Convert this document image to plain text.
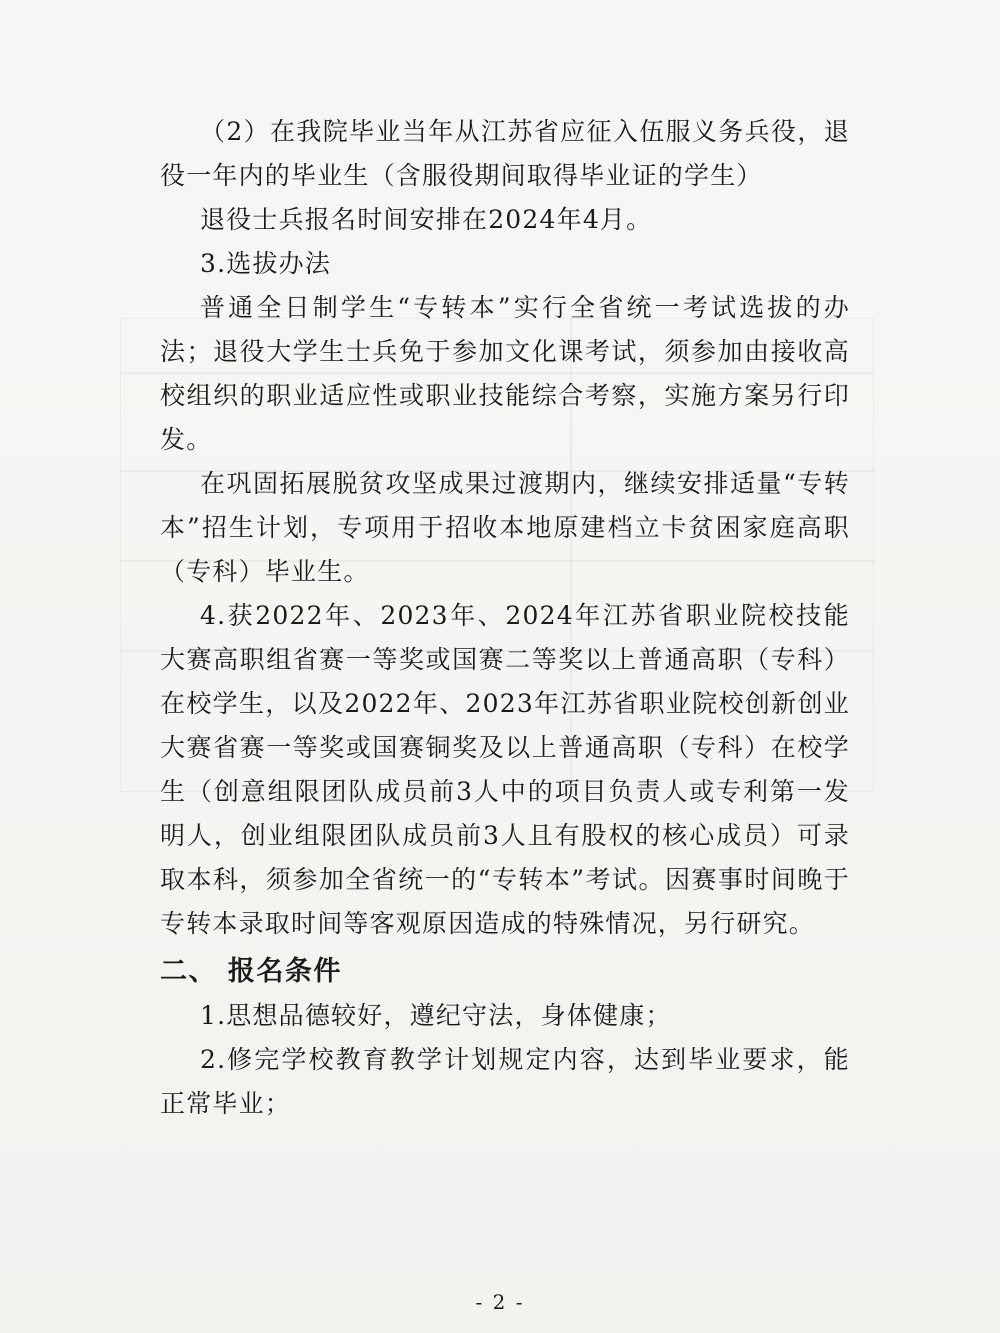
（2）在我院毕业当年从江苏省应征入伍服义务兵役，退役一年内的毕业生（含服役期间取得毕业证的学生）

退役士兵报名时间安排在2024年4月。

3.选拔办法

普通全日制学生“专转本”实行全省统一考试选拔的办法；退役大学生士兵免于参加文化课考试，须参加由接收高校组织的职业适应性或职业技能综合考察，实施方案另行印发。

在巩固拓展脱贫攻坚成果过渡期内，继续安排适量“专转本”招生计划，专项用于招收本地原建档立卡贫困家庭高职（专科）毕业生。

4.获2022年、2023年、2024年江苏省职业院校技能大赛高职组省赛一等奖或国赛二等奖以上普通高职（专科）在校学生，以及2022年、2023年江苏省职业院校创新创业大赛省赛一等奖或国赛铜奖及以上普通高职（专科）在校学生（创意组限团队成员前3人中的项目负责人或专利第一发明人，创业组限团队成员前3人且有股权的核心成员）可录取本科，须参加全省统一的“专转本”考试。因赛事时间晚于专转本录取时间等客观原因造成的特殊情况，另行研究。

二、 报名条件

1.思想品德较好，遵纪守法，身体健康；

2.修完学校教育教学计划规定内容，达到毕业要求，能正常毕业；

- 2 -
